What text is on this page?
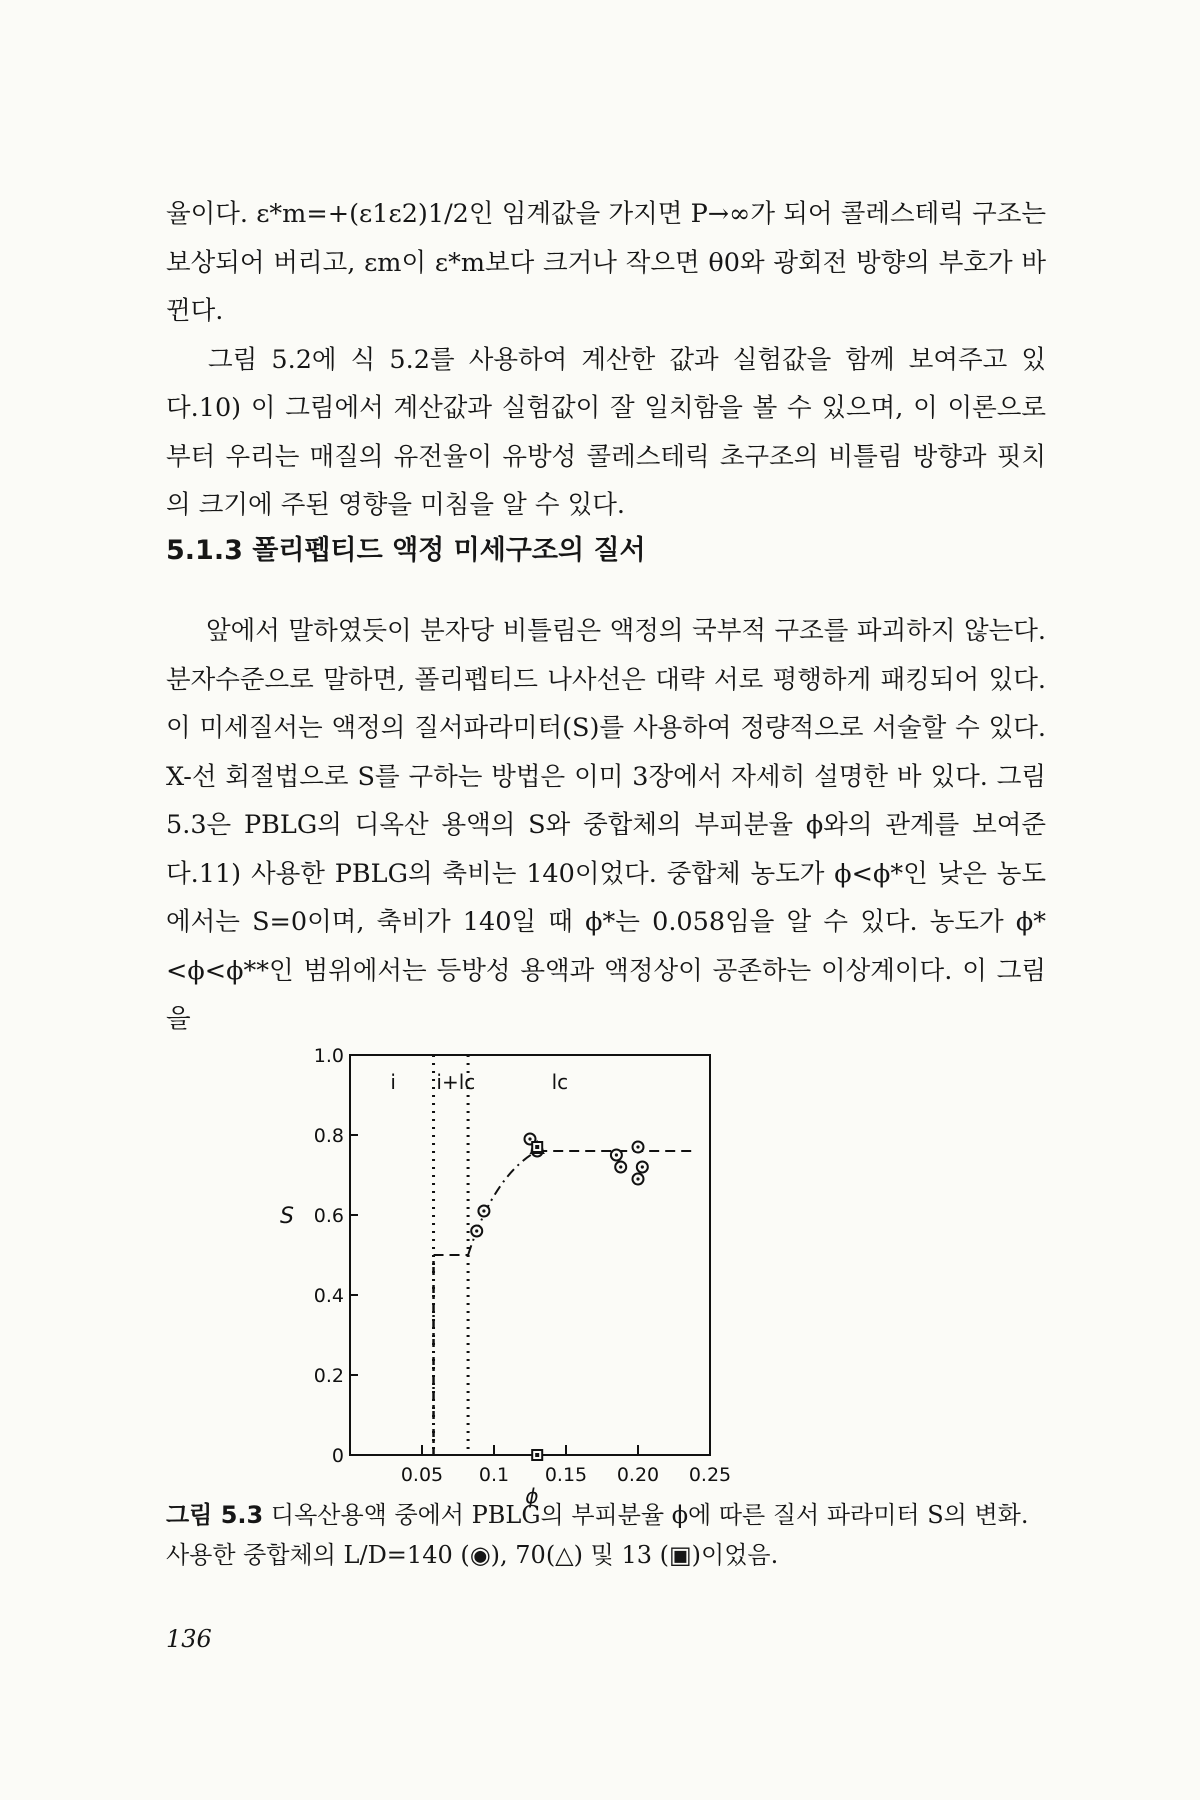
율이다. ε*m=+(ε1ε2)1/2인 임계값을 가지면 P→∞가 되어 콜레스테릭 구조는 보상되어 버리고, εm이 ε*m보다 크거나 작으면 θ0와 광회전 방향의 부호가 바뀐다.

그림 5.2에 식 5.2를 사용하여 계산한 값과 실험값을 함께 보여주고 있다.10) 이 그림에서 계산값과 실험값이 잘 일치함을 볼 수 있으며, 이 이론으로부터 우리는 매질의 유전율이 유방성 콜레스테릭 초구조의 비틀림 방향과 핏치의 크기에 주된 영향을 미침을 알 수 있다.

5.1.3 폴리펩티드 액정 미세구조의 질서

앞에서 말하였듯이 분자당 비틀림은 액정의 국부적 구조를 파괴하지 않는다. 분자수준으로 말하면, 폴리펩티드 나사선은 대략 서로 평행하게 패킹되어 있다. 이 미세질서는 액정의 질서파라미터(S)를 사용하여 정량적으로 서술할 수 있다. X-선 회절법으로 S를 구하는 방법은 이미 3장에서 자세히 설명한 바 있다. 그림 5.3은 PBLG의 디옥산 용액의 S와 중합체의 부피분율 ϕ와의 관계를 보여준다.11) 사용한 PBLG의 축비는 140이었다. 중합체 농도가 ϕ<ϕ*인 낮은 농도에서는 S=0이며, 축비가 140일 때 ϕ*는 0.058임을 알 수 있다. 농도가 ϕ*<ϕ<ϕ**인 범위에서는 등방성 용액과 액정상이 공존하는 이상계이다. 이 그림을

0
0.2
0.4
0.6
0.8
1.0
0.05 0.1 0.15 0.20 0.25
S
ϕ
i i+lc	lc
그림 5.3 디옥산용액 중에서 PBLG의 부피분율 ϕ에 따른 질서 파라미터 S의 변화. 사용한 중합체의 L/D=140 (◉), 70(△) 및 13 (▣)이었음.
136
